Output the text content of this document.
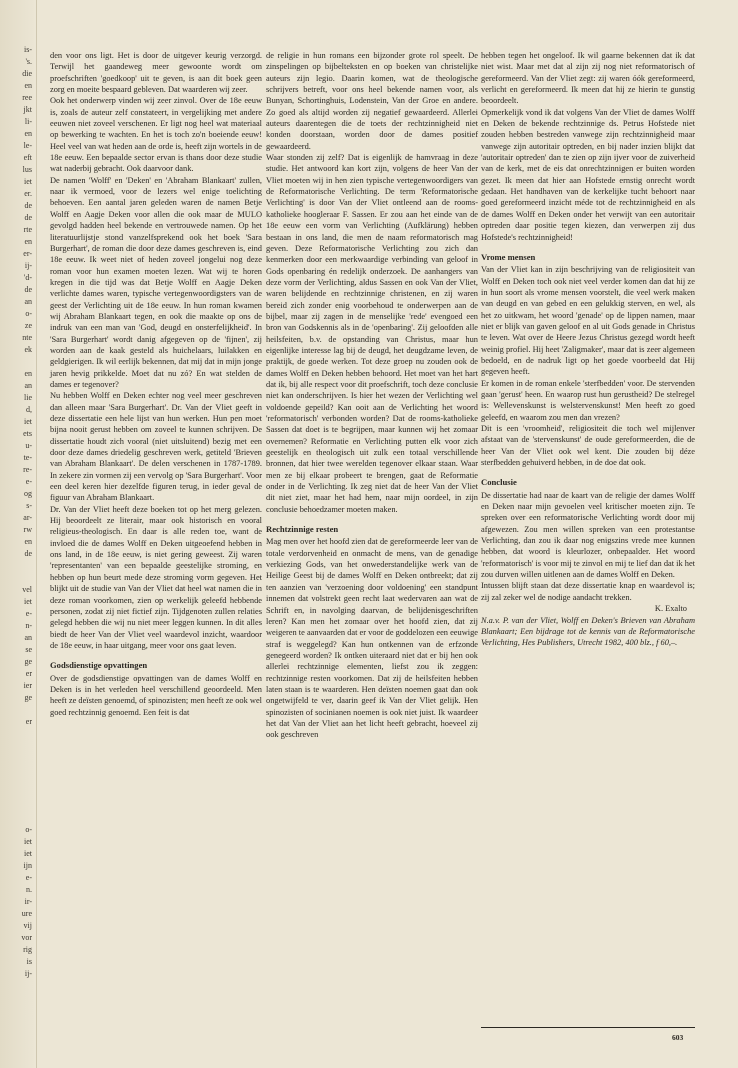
is-
's.
die
en
ree
jkt
li-
en
le-
eft
lus
iet
er.
de
de
rte
en
er-
ij-
'd-
de
an
o-
ze
nte
ek
en
an
lie
d,
iet
ets
u-
te-
re-
e-
og
s-
ar-
rw
en
de
vel
iet
e-
n-
an
se
ge
er
ier
ge
er
o-
iet
iet
ijn
e-
n.
ir-
ure
vij
vor
rig
is
ij-

den voor ons ligt. Het is door de uitgever keurig verzorgd. Terwijl het gaandeweg meer gewoonte wordt om proefschriften 'goedkoop' uit te geven, is aan dit boek geen zorg en moeite bespaard gebleven. Dat waarderen wij zeer.

Ook het onderwerp vinden wij zeer zinvol. Over de 18e eeuw is, zoals de auteur zelf constateert, in vergelijking met andere eeuwen niet zoveel verschenen. Er ligt nog heel wat materiaal op bewerking te wachten. En het is toch zo'n boeiende eeuw! Heel veel van wat heden aan de orde is, heeft zijn wortels in de 18e eeuw. Een bepaalde sector ervan is thans door deze studie wat naderbij gebracht. Ook daarvoor dank.

De namen 'Wolff' en 'Deken' en 'Abraham Blankaart' zullen, naar ik vermoed, voor de lezers wel enige toelichting behoeven. Een aantal jaren geleden waren de namen Betje Wolff en Aagje Deken voor allen die ook maar de MULO gevolgd hadden heel bekende en vertrouwede namen. Op het literatuurlijstje stond vanzelfsprekend ook het boek 'Sara Burgerhart', de roman die door deze dames geschreven is, eind 18e eeuw. Ik weet niet of heden zoveel jongelui nog deze roman voor hun examen moeten lezen. Wat wij te horen kregen in die tijd was dat Betje Wolff en Aagje Deken verlichte dames waren, typische vertegenwoordigsters van de geest der Verlichting uit de 18e eeuw. In hun roman kwamen wij Abraham Blankaart tegen, en ook die maakte op ons de indruk van een man van 'God, deugd en onsterfelijkheid'. In 'Sara Burgerhart' wordt danig afgegeven op de 'fijnen', zij worden aan de kaak gesteld als huichelaars, luilakken en geldgierigen. Ik wil eerlijk bekennen, dat mij dat in mijn jonge jaren hevig prikkelde. Moet dat nu zó? En wat stelden de dames er tegenover?

Nu hebben Wolff en Deken echter nog veel meer geschreven dan alleen maar 'Sara Burgerhart'. Dr. Van der Vliet geeft in deze dissertatie een hele lijst van hun werken. Hun pen moet bijna nooit gerust hebben om zoveel te kunnen schrijven. De dissertatie houdt zich vooral (niet uitsluitend) bezig met een door deze dames driedelig geschreven werk, getiteld 'Brieven van Abraham Blankaart'. De delen verschenen in 1787-1789. In zekere zin vormen zij een vervolg op 'Sara Burgerhart'. Voor een deel keren hier dezelfde figuren terug, in ieder geval de figuur van Abraham Blankaart.

Dr. Van der Vliet heeft deze boeken tot op het merg gelezen. Hij beoordeelt ze literair, maar ook historisch en vooral religieus-theologisch. En daar is alle reden toe, want de invloed die de dames Wolff en Deken uitgeoefend hebben in ons land, in de 18e eeuw, is niet gering geweest. Zij waren 'representanten' van een bepaalde geestelijke stroming, en hebben op hun beurt mede deze stroming vorm gegeven. Het blijkt uit de studie van Van der Vliet dat heel wat namen die in deze roman voorkomen, zien op werkelijk geleefd hebbende personen, zodat zij niet fictief zijn. Tijdgenoten zullen relaties gelegd hebben die wij nu niet meer leggen kunnen. In dit alles biedt de heer Van der Vliet veel waardevol inzicht, waardoor de 18e eeuw, in haar uitgang, meer voor ons gaat leven.

Godsdienstige opvattingen

Over de godsdienstige opvattingen van de dames Wolff en Deken is in het verleden heel verschillend geoordeeld. Men heeft ze deïsten genoemd, of spinozisten; men heeft ze ook wel goed rechtzinnig genoemd. Een feit is dat

de religie in hun romans een bijzonder grote rol speelt. De zinspelingen op bijbelteksten en op boeken van christelijke auteurs zijn legio. Daarin komen, wat de theologische schrijvers betreft, voor ons heel bekende namen voor, als Bunyan, Schortinghuis, Lodenstein, Van der Groe en andere. Zo goed als altijd worden zij negatief gewaardeerd. Allerlei auteurs daarentegen die de toets der rechtzinnigheid niet konden doorstaan, worden door de dames positief gewaardeerd.

Waar stonden zij zelf? Dat is eigenlijk de hamvraag in deze studie. Het antwoord kan kort zijn, volgens de heer Van der Vliet moeten wij in hen zien typische vertegenwoordigers van de Reformatorische Verlichting. De term 'Reformatorische Verlichting' is door Van der Vliet ontleend aan de rooms-katholieke hoogleraar F. Sassen. Er zou aan het einde van de 18e eeuw een vorm van Verlichting (Aufklärung) hebben bestaan in ons land, die men de naam reformatorisch mag geven. Deze Reformatorische Verlichting zou zich dan kenmerken door een merkwaardige verbinding van geloof in Gods openbaring én redelijk onderzoek. De aanhangers van deze vorm der Verlichting, aldus Sassen en ook Van der Vliet, waren belijdende en rechtzinnige christenen, en zij waren bereid zich zonder enig voorbehoud te onderwerpen aan de bijbel, maar zij zagen in de menselijke 'rede' evengoed een bron van Godskennis als in de 'openbaring'. Zij geloofden alle heilsfeiten, b.v. de opstanding van Christus, maar hun eigenlijke interesse lag bij de deugd, het deugdzame leven, de praktijk, de goede werken. Tot deze groep nu zouden ook de dames Wolff en Deken hebben behoord. Het moet van het hart dat ik, bij alle respect voor dit proefschrift, toch deze conclusie niet kan onderschrijven. Is hier het wezen der Verlichting wel voldoende gepeild? Kan ooit aan de Verlichting het woord 'reformatorisch' verbonden worden? Dat de rooms-katholieke Sassen dat doet is te begrijpen, maar kunnen wij het zomaar overnemen? Reformatie en Verlichting putten elk voor zich geestelijk en theologisch uit zulk een totaal verschillende bronnen, dat hier twee werelden tegenover elkaar staan. Waar men ze bij elkaar probeert te brengen, gaat de Reformatie onder in de Verlichting. Ik zeg niet dat de heer Van der Vliet dit niet ziet, maar het had hem, naar mijn oordeel, in zijn conclusie behoedzamer moeten maken.

Rechtzinnige resten

Mag men over het hoofd zien dat de gereformeerde leer van de totale verdorvenheid en onmacht de mens, van de genadige verkiezing Gods, van het onwederstandelijke werk van de Heilige Geest bij de dames Wolff en Deken ontbreekt; dat zij ten aanzien van 'verzoening door voldoening' een standpunt innemen dat volstrekt geen recht laat wedervaren aan wat de Schrift en, in navolging daarvan, de belijdenisgeschriften leren? Kan men het zomaar over het hoofd zien, dat zij weigeren te aanvaarden dat er voor de goddelozen een eeuwige straf is weggelegd? Kan hun ontkennen van de erfzonde genegeerd worden? Ik ontken uiteraard niet dat er bij hen ook allerlei rechtzinnige elementen, liefst zou ik zeggen: rechtzinnige resten voorkomen. Dat zij de heilsfeiten hebben laten staan is te waarderen. Hen deïsten noemen gaat dan ook ongetwijfeld te ver, daarin geef ik Van der Vliet gelijk. Hen spinozisten of socinianen noemen is ook niet juist. Ik waardeer het dat Van der Vliet aan het licht heeft gebracht, hoeveel zij ook geschreven

hebben tegen het ongeloof. Ik wil gaarne bekennen dat ik dat niet wist. Maar met dat al zijn zij nog niet reformatorisch of gereformeerd. Van der Vliet zegt: zij waren óók gereformeerd, verlicht en gereformeerd. Ik meen dat hij ze hierin te gunstig beoordeelt.

Opmerkelijk vond ik dat volgens Van der Vliet de dames Wolff en Deken de bekende rechtzinnige ds. Petrus Hofstede niet zouden hebben bestreden vanwege zijn rechtzinnigheid maar vanwege zijn autoritair optreden, en bij nader inzien blijkt dat 'autoritair optreden' dan te zien op zijn ijver voor de zuiverheid van de kerk, met de eis dat onrechtzinnigen er buiten worden gezet. Ik meen dat hier aan Hofstede ernstig onrecht wordt gedaan. Het handhaven van de kerkelijke tucht behoort naar goed gereformeerd inzicht méde tot de rechtzinnigheid en als de dames Wolff en Deken onder het verwijt van een autoritair optreden daar positie tegen kiezen, dan verwerpen zij dus Hofstede's rechtzinnigheid!

Vrome mensen

Van der Vliet kan in zijn beschrijving van de religiositeit van Wolff en Deken toch ook niet veel verder komen dan dat hij ze in hun soort als vrome mensen voorstelt, die veel werk maken van deugd en van gebed en een gelukkig sterven, en wel, als het zo uitkwam, het woord 'genade' op de lippen namen, maar niet er blijk van gaven geloof en al uit Gods genade in Christus te leven. Wat over de Heere Jezus Christus gezegd wordt heeft weinig profiel. Hij heet 'Zaligmaker', maar dat is zeer algemeen bedoeld, en de nadruk ligt op het goede voorbeeld dat Hij gegeven heeft.

Er komen in de roman enkele 'sterfbedden' voor. De stervenden gaan 'gerust' heen. En waarop rust hun gerustheid? De stelregel is: Wellevenskunst is welstervenskunst! Men heeft zo goed geleefd, en waarom zou men dan vrezen?

Dit is een 'vroomheid', religiositeit die toch wel mijlenver afstaat van de 'stervenskunst' de oude gereformeerden, die de heer Van der Vliet ook wel kent. Die zouden bij déze sterfbedden gehuiverd hebben, in de doe dat ook.

Conclusie

De dissertatie had naar de kaart van de religie der dames Wolff en Deken naar mijn gevoelen veel kritischer moeten zijn. Te spreken over een reformatorische Verlichting wordt door mij afgewezen. Zou men willen spreken van een protestantse Verlichting, dan zou ik daar nog enigszins vrede mee kunnen hebben, dat woord is kleurlozer, onbepaalder. Het woord 'reformatorisch' is voor mij te zinvol en mij te lief dan dat ik het zou durven willen uitlenen aan de dames Wolff en Deken.

Intussen blijft staan dat deze dissertatie knap en waardevol is; zij zal zeker wel de nodige aandacht trekken.

K. Exalto

N.a.v. P. van der Vliet, Wolff en Deken's Brieven van Abraham Blankaart; Een bijdrage tot de kennis van de Reformatorische Verlichting, Hes Publishers, Utrecht 1982, 400 blz., f 60,–.

603
